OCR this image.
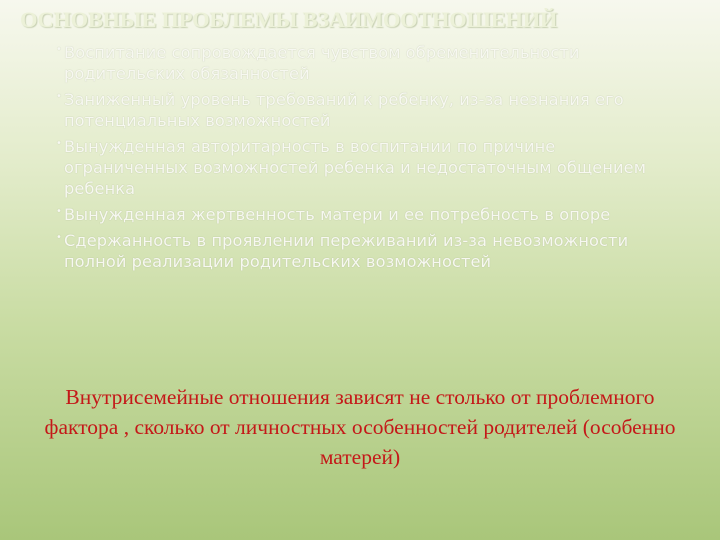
ОСНОВНЫЕ ПРОБЛЕМЫ ВЗАИМООТНОШЕНИЙ
• Воспитание сопровождается чувством обременительности родительских обязанностей
• Заниженный уровень требований к ребенку, из-за незнания его потенциальных возможностей
• Вынужденная авторитарность в воспитании по причине ограниченных возможностей ребенка и недостаточным общением ребенка
• Вынужденная жертвенность матери и ее потребность в опоре
• Сдержанность в проявлении переживаний из-за невозможности полной реализации родительских возможностей
Внутрисемейные отношения зависят не столько от проблемного фактора , сколько от личностных особенностей родителей (особенно матерей)
